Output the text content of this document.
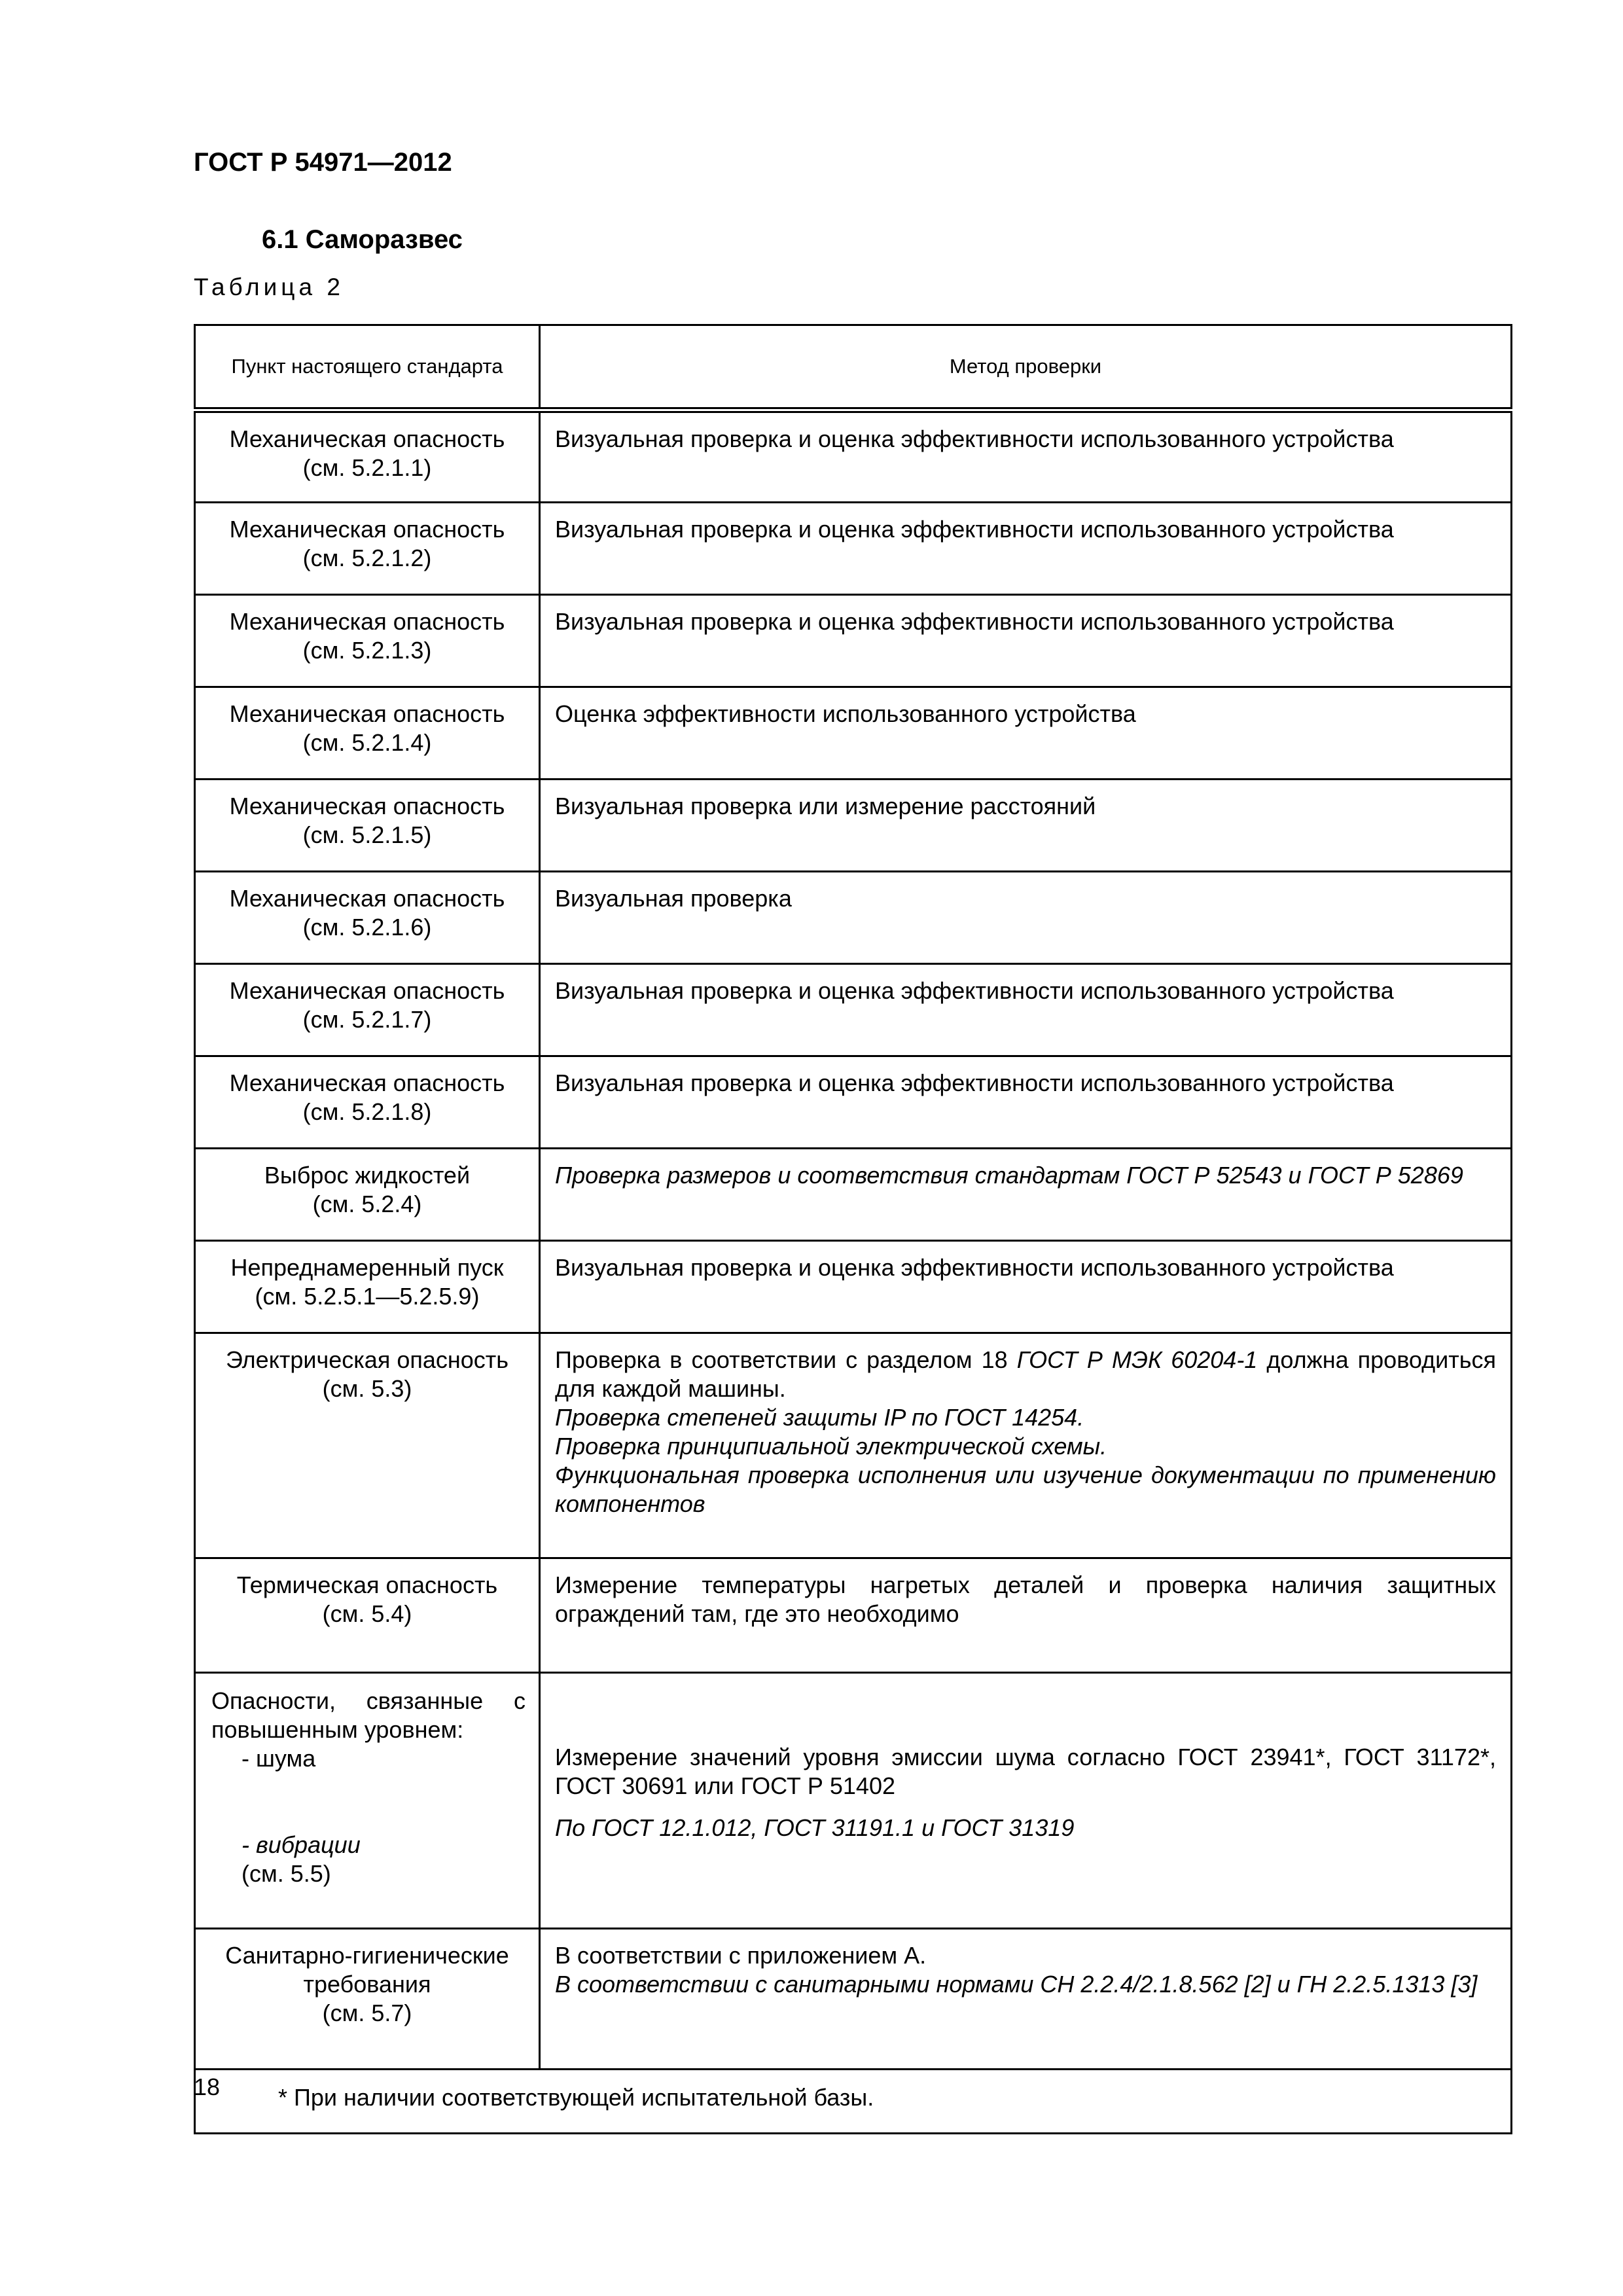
ГОСТ Р 54971—2012

6.1 Саморазвес

Таблица 2

Пункт настоящего стандарта	Метод проверки

Механическая опасность
(см. 5.2.1.1)	Визуальная проверка и оценка эффективности использованного устройства

Механическая опасность
(см. 5.2.1.2)	Визуальная проверка и оценка эффективности использованного устройства

Механическая опасность
(см. 5.2.1.3)	Визуальная проверка и оценка эффективности использованного устройства

Механическая опасность
(см. 5.2.1.4)	Оценка эффективности использованного устройства

Механическая опасность
(см. 5.2.1.5)	Визуальная проверка или измерение расстояний

Механическая опасность
(см. 5.2.1.6)	Визуальная проверка

Механическая опасность
(см. 5.2.1.7)	Визуальная проверка и оценка эффективности использованного устройства

Механическая опасность
(см. 5.2.1.8)	Визуальная проверка и оценка эффективности использованного устройства

Выброс жидкостей
(см. 5.2.4)	Проверка размеров и соответствия стандартам ГОСТ Р 52543 и ГОСТ Р 52869

Непреднамеренный пуск
(см. 5.2.5.1—5.2.5.9)	Визуальная проверка и оценка эффективности использованного устройства

Электрическая опасность
(см. 5.3)	Проверка в соответствии с разделом 18 ГОСТ Р МЭК 60204-1 должна проводиться для каждой машины.
Проверка степеней защиты IP по ГОСТ 14254.
Проверка принципиальной электрической схемы.
Функциональная проверка исполнения или изучение документации по применению компонентов

Термическая опасность
(см. 5.4)	Измерение температуры нагретых деталей и проверка наличия защитных ограждений там, где это необходимо

Опасности, связанные с
повышенным уровнем:
- шума
- вибрации
(см. 5.5)	Измерение значений уровня эмиссии шума согласно ГОСТ 23941*, ГОСТ 31172*, ГОСТ 30691 или ГОСТ Р 51402
По ГОСТ 12.1.012, ГОСТ 31191.1 и ГОСТ 31319

Санитарно-гигиенические
требования
(см. 5.7)	В соответствии с приложением А.
В соответствии с санитарными нормами СН 2.2.4/2.1.8.562 [2] и ГН 2.2.5.1313 [3]

* При наличии соответствующей испытательной базы.	

18
